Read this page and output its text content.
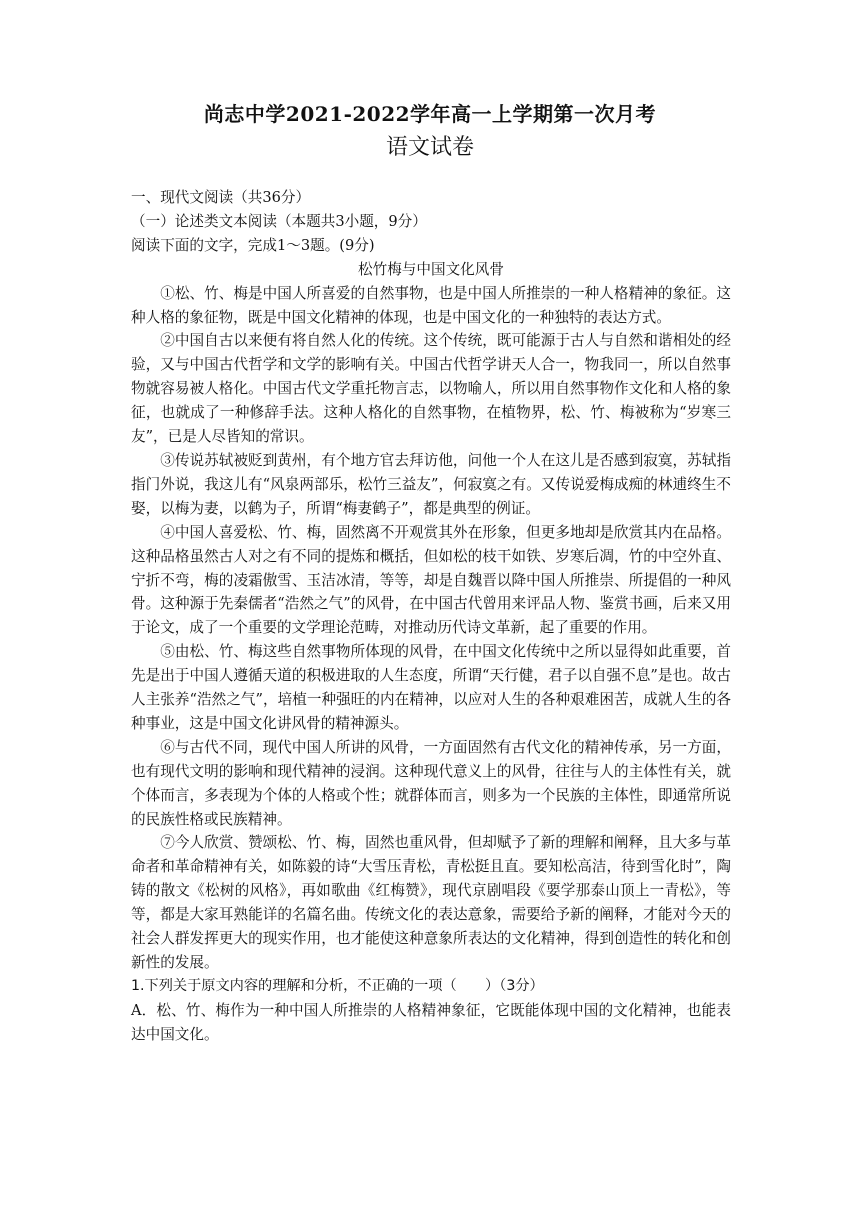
尚志中学2021-2022学年高一上学期第一次月考
语文试卷

一、现代文阅读（共36分）

（一）论述类文本阅读（本题共3小题，9分）

阅读下面的文字，完成1～3题。(9分)

松竹梅与中国文化风骨

①松、竹、梅是中国人所喜爱的自然事物，也是中国人所推崇的一种人格精神的象征。这种人格的象征物，既是中国文化精神的体现，也是中国文化的一种独特的表达方式。

②中国自古以来便有将自然人化的传统。这个传统，既可能源于古人与自然和谐相处的经验，又与中国古代哲学和文学的影响有关。中国古代哲学讲天人合一，物我同一，所以自然事物就容易被人格化。中国古代文学重托物言志，以物喻人，所以用自然事物作文化和人格的象征，也就成了一种修辞手法。这种人格化的自然事物，在植物界，松、竹、梅被称为“岁寒三友”，已是人尽皆知的常识。

③传说苏轼被贬到黄州，有个地方官去拜访他，问他一个人在这儿是否感到寂寞，苏轼指指门外说，我这儿有“风泉两部乐，松竹三益友”，何寂寞之有。又传说爱梅成痴的林逋终生不娶，以梅为妻，以鹤为子，所谓“梅妻鹤子”，都是典型的例证。

④中国人喜爱松、竹、梅，固然离不开观赏其外在形象，但更多地却是欣赏其内在品格。这种品格虽然古人对之有不同的提炼和概括，但如松的枝干如铁、岁寒后凋，竹的中空外直、宁折不弯，梅的凌霜傲雪、玉洁冰清，等等，却是自魏晋以降中国人所推崇、所提倡的一种风骨。这种源于先秦儒者“浩然之气”的风骨，在中国古代曾用来评品人物、鉴赏书画，后来又用于论文，成了一个重要的文学理论范畴，对推动历代诗文革新，起了重要的作用。

⑤由松、竹、梅这些自然事物所体现的风骨，在中国文化传统中之所以显得如此重要，首先是出于中国人遵循天道的积极进取的人生态度，所谓“天行健，君子以自强不息”是也。故古人主张养“浩然之气”，培植一种强旺的内在精神，以应对人生的各种艰难困苦，成就人生的各种事业，这是中国文化讲风骨的精神源头。

⑥与古代不同，现代中国人所讲的风骨，一方面固然有古代文化的精神传承，另一方面，也有现代文明的影响和现代精神的浸润。这种现代意义上的风骨，往往与人的主体性有关，就个体而言，多表现为个体的人格或个性；就群体而言，则多为一个民族的主体性，即通常所说的民族性格或民族精神。

⑦今人欣赏、赞颂松、竹、梅，固然也重风骨，但却赋予了新的理解和阐释，且大多与革命者和革命精神有关，如陈毅的诗“大雪压青松，青松挺且直。要知松高洁，待到雪化时”，陶铸的散文《松树的风格》，再如歌曲《红梅赞》，现代京剧唱段《要学那泰山顶上一青松》，等等，都是大家耳熟能详的名篇名曲。传统文化的表达意象，需要给予新的阐释，才能对今天的社会人群发挥更大的现实作用，也才能使这种意象所表达的文化精神，得到创造性的转化和创新性的发展。

1.下列关于原文内容的理解和分析，不正确的一项（　　）（3分）

A．松、竹、梅作为一种中国人所推崇的人格精神象征，它既能体现中国的文化精神，也能表达中国文化。
